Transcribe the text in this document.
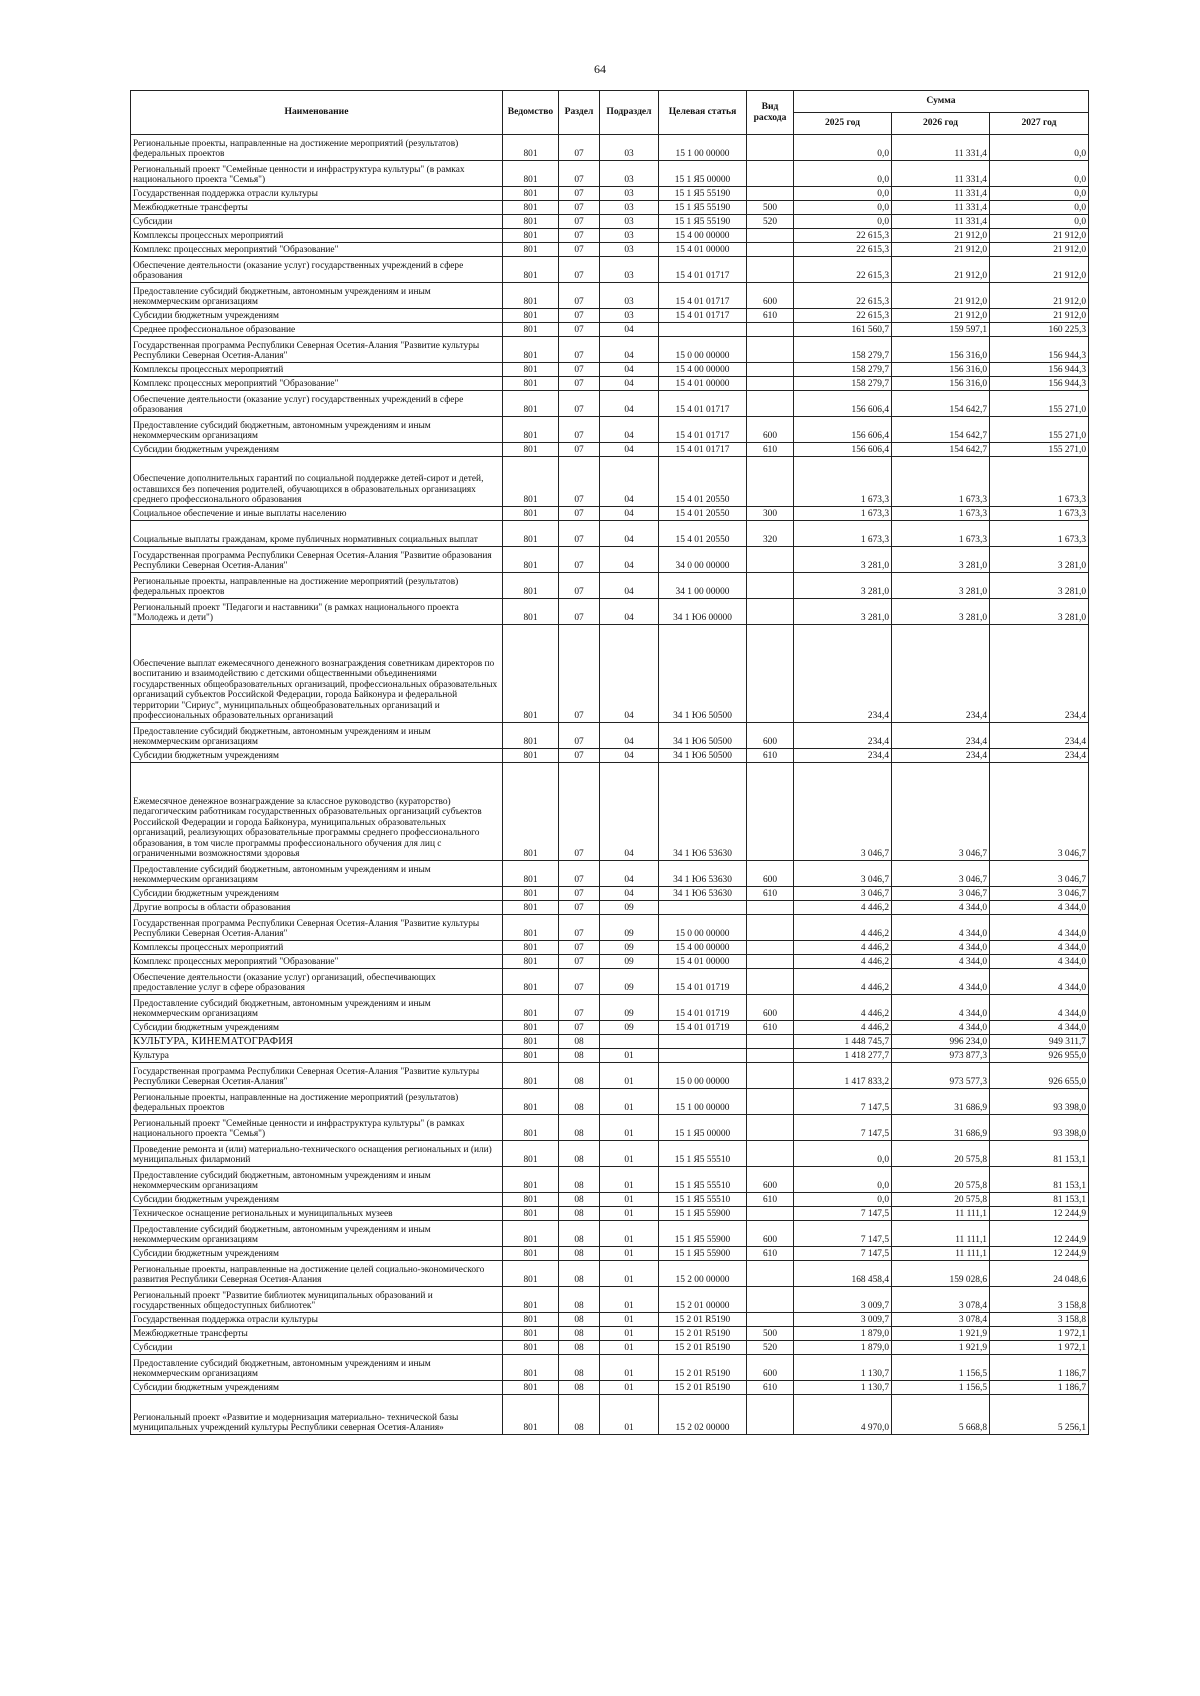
64
Наименование	Ведомство	Раздел	Подраздел	Целевая статья	Вид расхода	Сумма		
						2025 год	2026 год	2027 год
Региональные проекты, направленные на достижение мероприятий (результатов) федеральных проектов	801	07	03	15 1 00 00000		0,0	11 331,4	0,0
Региональный проект "Семейные ценности и инфраструктура культуры" (в рамках национального проекта "Семья")	801	07	03	15 1 Я5 00000		0,0	11 331,4	0,0
Государственная поддержка отрасли культуры	801	07	03	15 1 Я5 55190		0,0	11 331,4	0,0
Межбюджетные трансферты	801	07	03	15 1 Я5 55190	500	0,0	11 331,4	0,0
Субсидии	801	07	03	15 1 Я5 55190	520	0,0	11 331,4	0,0
Комплексы процессных мероприятий	801	07	03	15 4 00 00000		22 615,3	21 912,0	21 912,0
Комплекс процессных мероприятий "Образование"	801	07	03	15 4 01 00000		22 615,3	21 912,0	21 912,0
Обеспечение деятельности (оказание услуг) государственных учреждений в сфере образования	801	07	03	15 4 01 01717		22 615,3	21 912,0	21 912,0
Предоставление субсидий бюджетным, автономным учреждениям и иным некоммерческим организациям	801	07	03	15 4 01 01717	600	22 615,3	21 912,0	21 912,0
Субсидии бюджетным учреждениям	801	07	03	15 4 01 01717	610	22 615,3	21 912,0	21 912,0
Среднее профессиональное образование	801	07	04			161 560,7	159 597,1	160 225,3
Государственная программа Республики Северная Осетия-Алания "Развитие культуры Республики Северная Осетия-Алания"	801	07	04	15 0 00 00000		158 279,7	156 316,0	156 944,3
Комплексы процессных мероприятий	801	07	04	15 4 00 00000		158 279,7	156 316,0	156 944,3
Комплекс процессных мероприятий "Образование"	801	07	04	15 4 01 00000		158 279,7	156 316,0	156 944,3
Обеспечение деятельности (оказание услуг) государственных учреждений в сфере образования	801	07	04	15 4 01 01717		156 606,4	154 642,7	155 271,0
Предоставление субсидий бюджетным, автономным учреждениям и иным некоммерческим организациям	801	07	04	15 4 01 01717	600	156 606,4	154 642,7	155 271,0
Субсидии бюджетным учреждениям	801	07	04	15 4 01 01717	610	156 606,4	154 642,7	155 271,0
Обеспечение дополнительных гарантий по социальной поддержке детей-сирот и детей, оставшихся без попечения родителей, обучающихся в образовательных организациях среднего профессионального образования	801	07	04	15 4 01 20550		1 673,3	1 673,3	1 673,3
Социальное обеспечение и иные выплаты населению	801	07	04	15 4 01 20550	300	1 673,3	1 673,3	1 673,3
Социальные выплаты гражданам, кроме публичных нормативных социальных выплат	801	07	04	15 4 01 20550	320	1 673,3	1 673,3	1 673,3
Государственная программа Республики Северная Осетия-Алания "Развитие образования Республики Северная Осетия-Алания"	801	07	04	34 0 00 00000		3 281,0	3 281,0	3 281,0
Региональные проекты, направленные на достижение мероприятий (результатов) федеральных проектов	801	07	04	34 1 00 00000		3 281,0	3 281,0	3 281,0
Региональный проект "Педагоги и наставники" (в рамках национального проекта "Молодежь и дети")	801	07	04	34 1 Ю6 00000		3 281,0	3 281,0	3 281,0
Обеспечение выплат ежемесячного денежного вознаграждения советникам директоров по воспитанию и взаимодействию с детскими общественными объединениями государственных общеобразовательных организаций, профессиональных образовательных организаций субъектов Российской Федерации, города Байконура и федеральной территории "Сириус", муниципальных общеобразовательных организаций и профессиональных образовательных организаций	801	07	04	34 1 Ю6 50500		234,4	234,4	234,4
Предоставление субсидий бюджетным, автономным учреждениям и иным некоммерческим организациям	801	07	04	34 1 Ю6 50500	600	234,4	234,4	234,4
Субсидии бюджетным учреждениям	801	07	04	34 1 Ю6 50500	610	234,4	234,4	234,4
Ежемесячное денежное вознаграждение за классное руководство (кураторство) педагогическим работникам государственных образовательных организаций субъектов Российской Федерации и города Байконура, муниципальных образовательных организаций, реализующих образовательные программы среднего профессионального образования, в том числе программы профессионального обучения для лиц с ограниченными возможностями здоровья	801	07	04	34 1 Ю6 53630		3 046,7	3 046,7	3 046,7
Предоставление субсидий бюджетным, автономным учреждениям и иным некоммерческим организациям	801	07	04	34 1 Ю6 53630	600	3 046,7	3 046,7	3 046,7
Субсидии бюджетным учреждениям	801	07	04	34 1 Ю6 53630	610	3 046,7	3 046,7	3 046,7
Другие вопросы в области образования	801	07	09			4 446,2	4 344,0	4 344,0
Государственная программа Республики Северная Осетия-Алания "Развитие культуры Республики Северная Осетия-Алания"	801	07	09	15 0 00 00000		4 446,2	4 344,0	4 344,0
Комплексы процессных мероприятий	801	07	09	15 4 00 00000		4 446,2	4 344,0	4 344,0
Комплекс процессных мероприятий "Образование"	801	07	09	15 4 01 00000		4 446,2	4 344,0	4 344,0
Обеспечение деятельности (оказание услуг) организаций, обеспечивающих предоставление услуг в сфере образования	801	07	09	15 4 01 01719		4 446,2	4 344,0	4 344,0
Предоставление субсидий бюджетным, автономным учреждениям и иным некоммерческим организациям	801	07	09	15 4 01 01719	600	4 446,2	4 344,0	4 344,0
Субсидии бюджетным учреждениям	801	07	09	15 4 01 01719	610	4 446,2	4 344,0	4 344,0
КУЛЬТУРА, КИНЕМАТОГРАФИЯ	801	08				1 448 745,7	996 234,0	949 311,7
Культура	801	08	01			1 418 277,7	973 877,3	926 955,0
Государственная программа Республики Северная Осетия-Алания "Развитие культуры Республики Северная Осетия-Алания"	801	08	01	15 0 00 00000		1 417 833,2	973 577,3	926 655,0
Региональные проекты, направленные на достижение мероприятий (результатов) федеральных проектов	801	08	01	15 1 00 00000		7 147,5	31 686,9	93 398,0
Региональный проект "Семейные ценности и инфраструктура культуры" (в рамках национального проекта "Семья")	801	08	01	15 1 Я5 00000		7 147,5	31 686,9	93 398,0
Проведение ремонта и (или) материально-технического оснащения региональных и (или) муниципальных филармоний	801	08	01	15 1 Я5 55510		0,0	20 575,8	81 153,1
Предоставление субсидий бюджетным, автономным учреждениям и иным некоммерческим организациям	801	08	01	15 1 Я5 55510	600	0,0	20 575,8	81 153,1
Субсидии бюджетным учреждениям	801	08	01	15 1 Я5 55510	610	0,0	20 575,8	81 153,1
Техническое оснащение региональных и муниципальных музеев	801	08	01	15 1 Я5 55900		7 147,5	11 111,1	12 244,9
Предоставление субсидий бюджетным, автономным учреждениям и иным некоммерческим организациям	801	08	01	15 1 Я5 55900	600	7 147,5	11 111,1	12 244,9
Субсидии бюджетным учреждениям	801	08	01	15 1 Я5 55900	610	7 147,5	11 111,1	12 244,9
Региональные проекты, направленные на достижение целей социально-экономического развития Республики Северная Осетия-Алания	801	08	01	15 2 00 00000		168 458,4	159 028,6	24 048,6
Региональный проект "Развитие библиотек муниципальных образований и государственных общедоступных библиотек"	801	08	01	15 2 01 00000		3 009,7	3 078,4	3 158,8
Государственная поддержка отрасли культуры	801	08	01	15 2 01 R5190		3 009,7	3 078,4	3 158,8
Межбюджетные трансферты	801	08	01	15 2 01 R5190	500	1 879,0	1 921,9	1 972,1
Субсидии	801	08	01	15 2 01 R5190	520	1 879,0	1 921,9	1 972,1
Предоставление субсидий бюджетным, автономным учреждениям и иным некоммерческим организациям	801	08	01	15 2 01 R5190	600	1 130,7	1 156,5	1 186,7
Субсидии бюджетным учреждениям	801	08	01	15 2 01 R5190	610	1 130,7	1 156,5	1 186,7
Региональный проект «Развитие и модернизация материально- технической базы муниципальных учреждений культуры Республики северная Осетия-Алания»	801	08	01	15 2 02 00000		4 970,0	5 668,8	5 256,1
